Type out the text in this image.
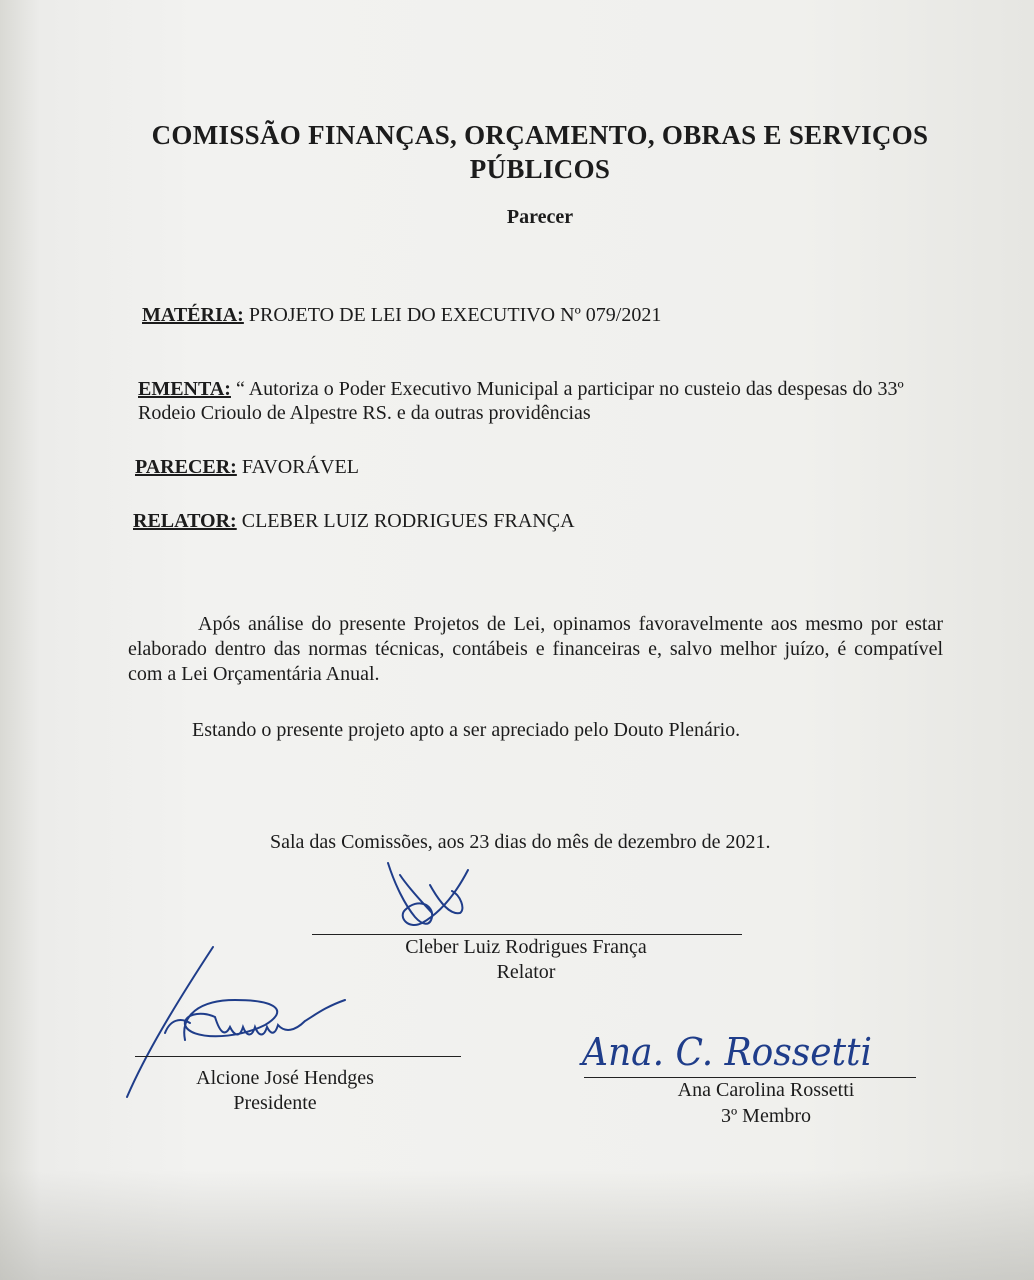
COMISSÃO FINANÇAS, ORÇAMENTO, OBRAS E SERVIÇOS PÚBLICOS
Parecer
MATÉRIA: PROJETO DE LEI DO EXECUTIVO Nº 079/2021
EMENTA: “ Autoriza o Poder Executivo Municipal a participar no custeio das despesas do 33º Rodeio Crioulo de Alpestre RS. e da outras providências
PARECER: FAVORÁVEL
RELATOR: CLEBER LUIZ RODRIGUES FRANÇA
Após análise do presente Projetos de Lei, opinamos favoravelmente aos mesmo por estar elaborado dentro das normas técnicas, contábeis e financeiras e, salvo melhor juízo, é compatível com a Lei Orçamentária Anual.
Estando o presente projeto apto a ser apreciado pelo Douto Plenário.
Sala das Comissões, aos 23 dias do mês de dezembro de 2021.
Cleber Luiz Rodrigues França
Relator
Alcione José Hendges
Presidente
Ana. C. Rossetti
Ana Carolina Rossetti
3º Membro
